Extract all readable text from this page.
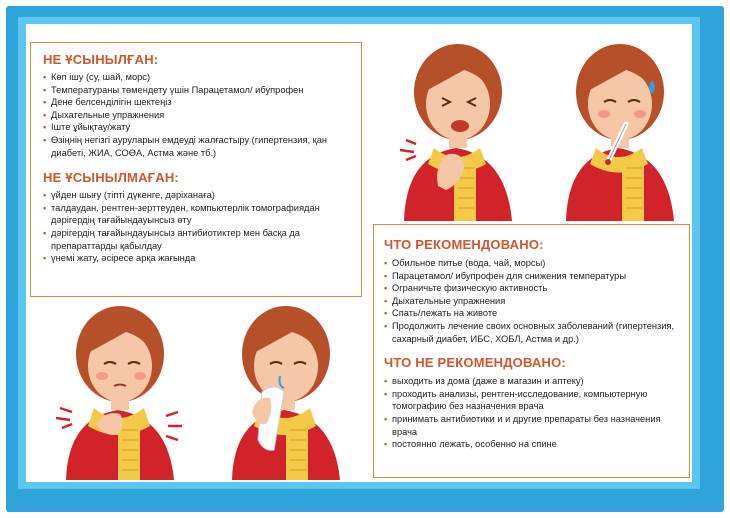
НЕ ҰСЫНЫЛҒАН:
• Көп ішу (су, шай, морс)
• Температураны төмендету үшін Парацетамол/ ибупрофен
• Дене белсенділігін шектеңіз
• Дыхательные упражнения
• Іште ұйықтау/жату
• Өзіңнің негізгі ауруларын емдеуді жалғастыру (гипертензия, қан диабеті, ЖИА, СОӨА, Астма және тб.)
НЕ ҰСЫНЫЛМАҒАН:
• үйден шығу (тіпті дүкенге, дәріханаға)
• талдаудан, рентген-зерттеуден, компьютерлік томографиядан дәрігердің тағайындауынсыз өту
• дәрігердің тағайындауынсыз антибиотиктер мен басқа да препараттарды қабылдау
• үнемі жату, әсіресе арқа жағында
ЧТО РЕКОМЕНДОВАНО:
• Обильное питье (вода, чай, морсы)
• Парацетамол/ ибупрофен для снижения температуры
• Ограничьте физическую активность
• Дыхательные упражнения
• Спать/лежать на животе
• Продолжить лечение своих основных заболеваний (гипертензия, сахарный диабет, ИБС, ХОБЛ, Астма и др.)
ЧТО НЕ РЕКОМЕНДОВАНО:
• выходить из дома (даже в магазин и аптеку)
• проходить анализы, рентген-исследование, компьютерную томографию без назначения врача
• принимать антибиотики и и другие препараты без назначения врача
• постоянно лежать, особенно на спине
